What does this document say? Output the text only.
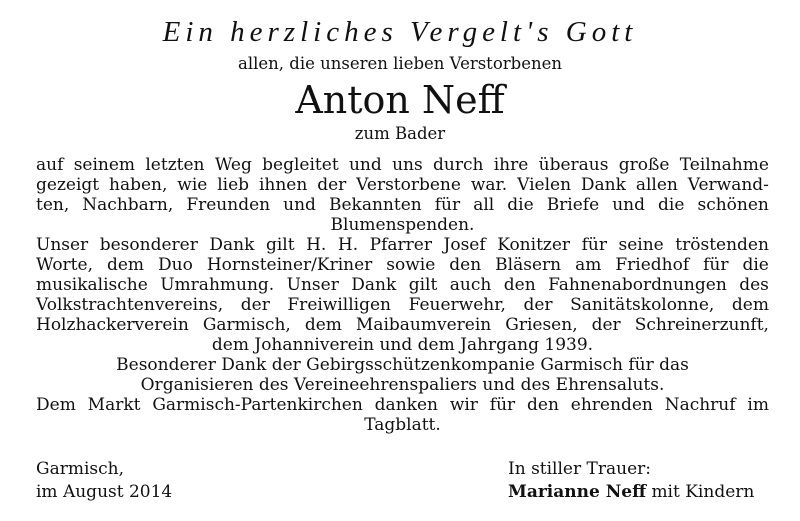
Ein herzliches Vergelt's Gott
allen, die unseren lieben Verstorbenen
Anton Neff
zum Bader
auf seinem letzten Weg begleitet und uns durch ihre überaus große Teilnahme
gezeigt haben, wie lieb ihnen der Verstorbene war. Vielen Dank allen Verwand-
ten, Nachbarn, Freunden und Bekannten für all die Briefe und die schönen
Blumenspenden.
Unser besonderer Dank gilt H. H. Pfarrer Josef Konitzer für seine tröstenden
Worte, dem Duo Hornsteiner/Kriner sowie den Bläsern am Friedhof für die
musikalische Umrahmung. Unser Dank gilt auch den Fahnenabordnungen des
Volkstrachtenvereins, der Freiwilligen Feuerwehr, der Sanitätskolonne, dem
Holzhackerverein Garmisch, dem Maibaumverein Griesen, der Schreinerzunft,
dem Johanniverein und dem Jahrgang 1939.
Besonderer Dank der Gebirgsschützenkompanie Garmisch für das
Organisieren des Vereineehrenspaliers und des Ehrensaluts.
Dem Markt Garmisch-Partenkirchen danken wir für den ehrenden Nachruf im
Tagblatt.
Garmisch,
im August 2014
In stiller Trauer:
Marianne Neff mit Kindern
